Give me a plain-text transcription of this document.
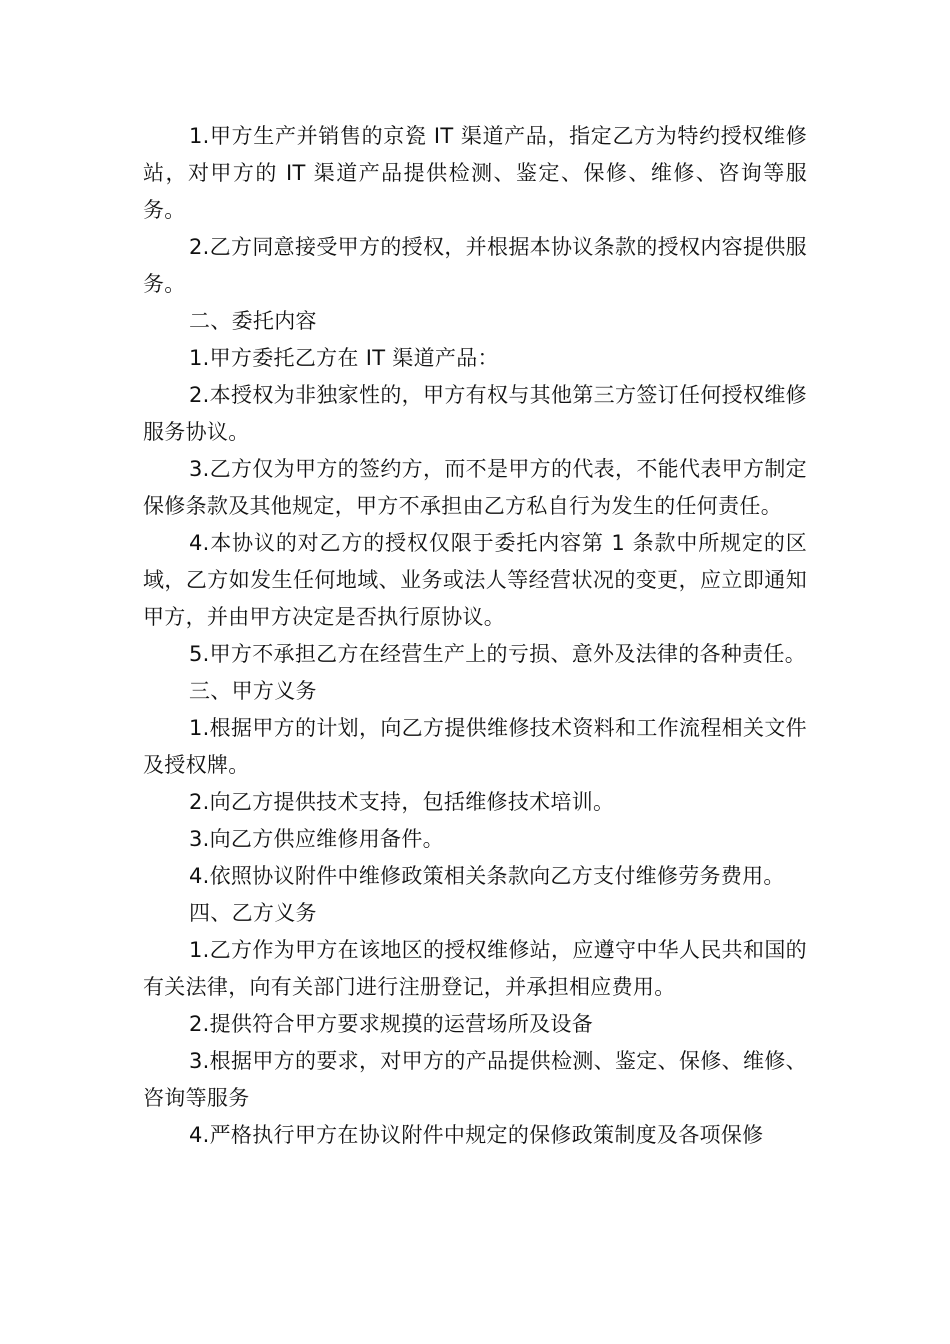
1.甲方生产并销售的京瓷 IT 渠道产品，指定乙方为特约授权维修站，对甲方的 IT 渠道产品提供检测、鉴定、保修、维修、咨询等服务。

2.乙方同意接受甲方的授权，并根据本协议条款的授权内容提供服务。

二、委托内容

1.甲方委托乙方在 IT 渠道产品：

2.本授权为非独家性的，甲方有权与其他第三方签订任何授权维修服务协议。

3.乙方仅为甲方的签约方，而不是甲方的代表，不能代表甲方制定保修条款及其他规定，甲方不承担由乙方私自行为发生的任何责任。

4.本协议的对乙方的授权仅限于委托内容第 1 条款中所规定的区域，乙方如发生任何地域、业务或法人等经营状况的变更，应立即通知甲方，并由甲方决定是否执行原协议。

5.甲方不承担乙方在经营生产上的亏损、意外及法律的各种责任。

三、甲方义务

1.根据甲方的计划，向乙方提供维修技术资料和工作流程相关文件及授权牌。

2.向乙方提供技术支持，包括维修技术培训。

3.向乙方供应维修用备件。

4.依照协议附件中维修政策相关条款向乙方支付维修劳务费用。

四、乙方义务

1.乙方作为甲方在该地区的授权维修站，应遵守中华人民共和国的有关法律，向有关部门进行注册登记，并承担相应费用。

2.提供符合甲方要求规摸的运营场所及设备

3.根据甲方的要求，对甲方的产品提供检测、鉴定、保修、维修、咨询等服务

4.严格执行甲方在协议附件中规定的保修政策制度及各项保修
